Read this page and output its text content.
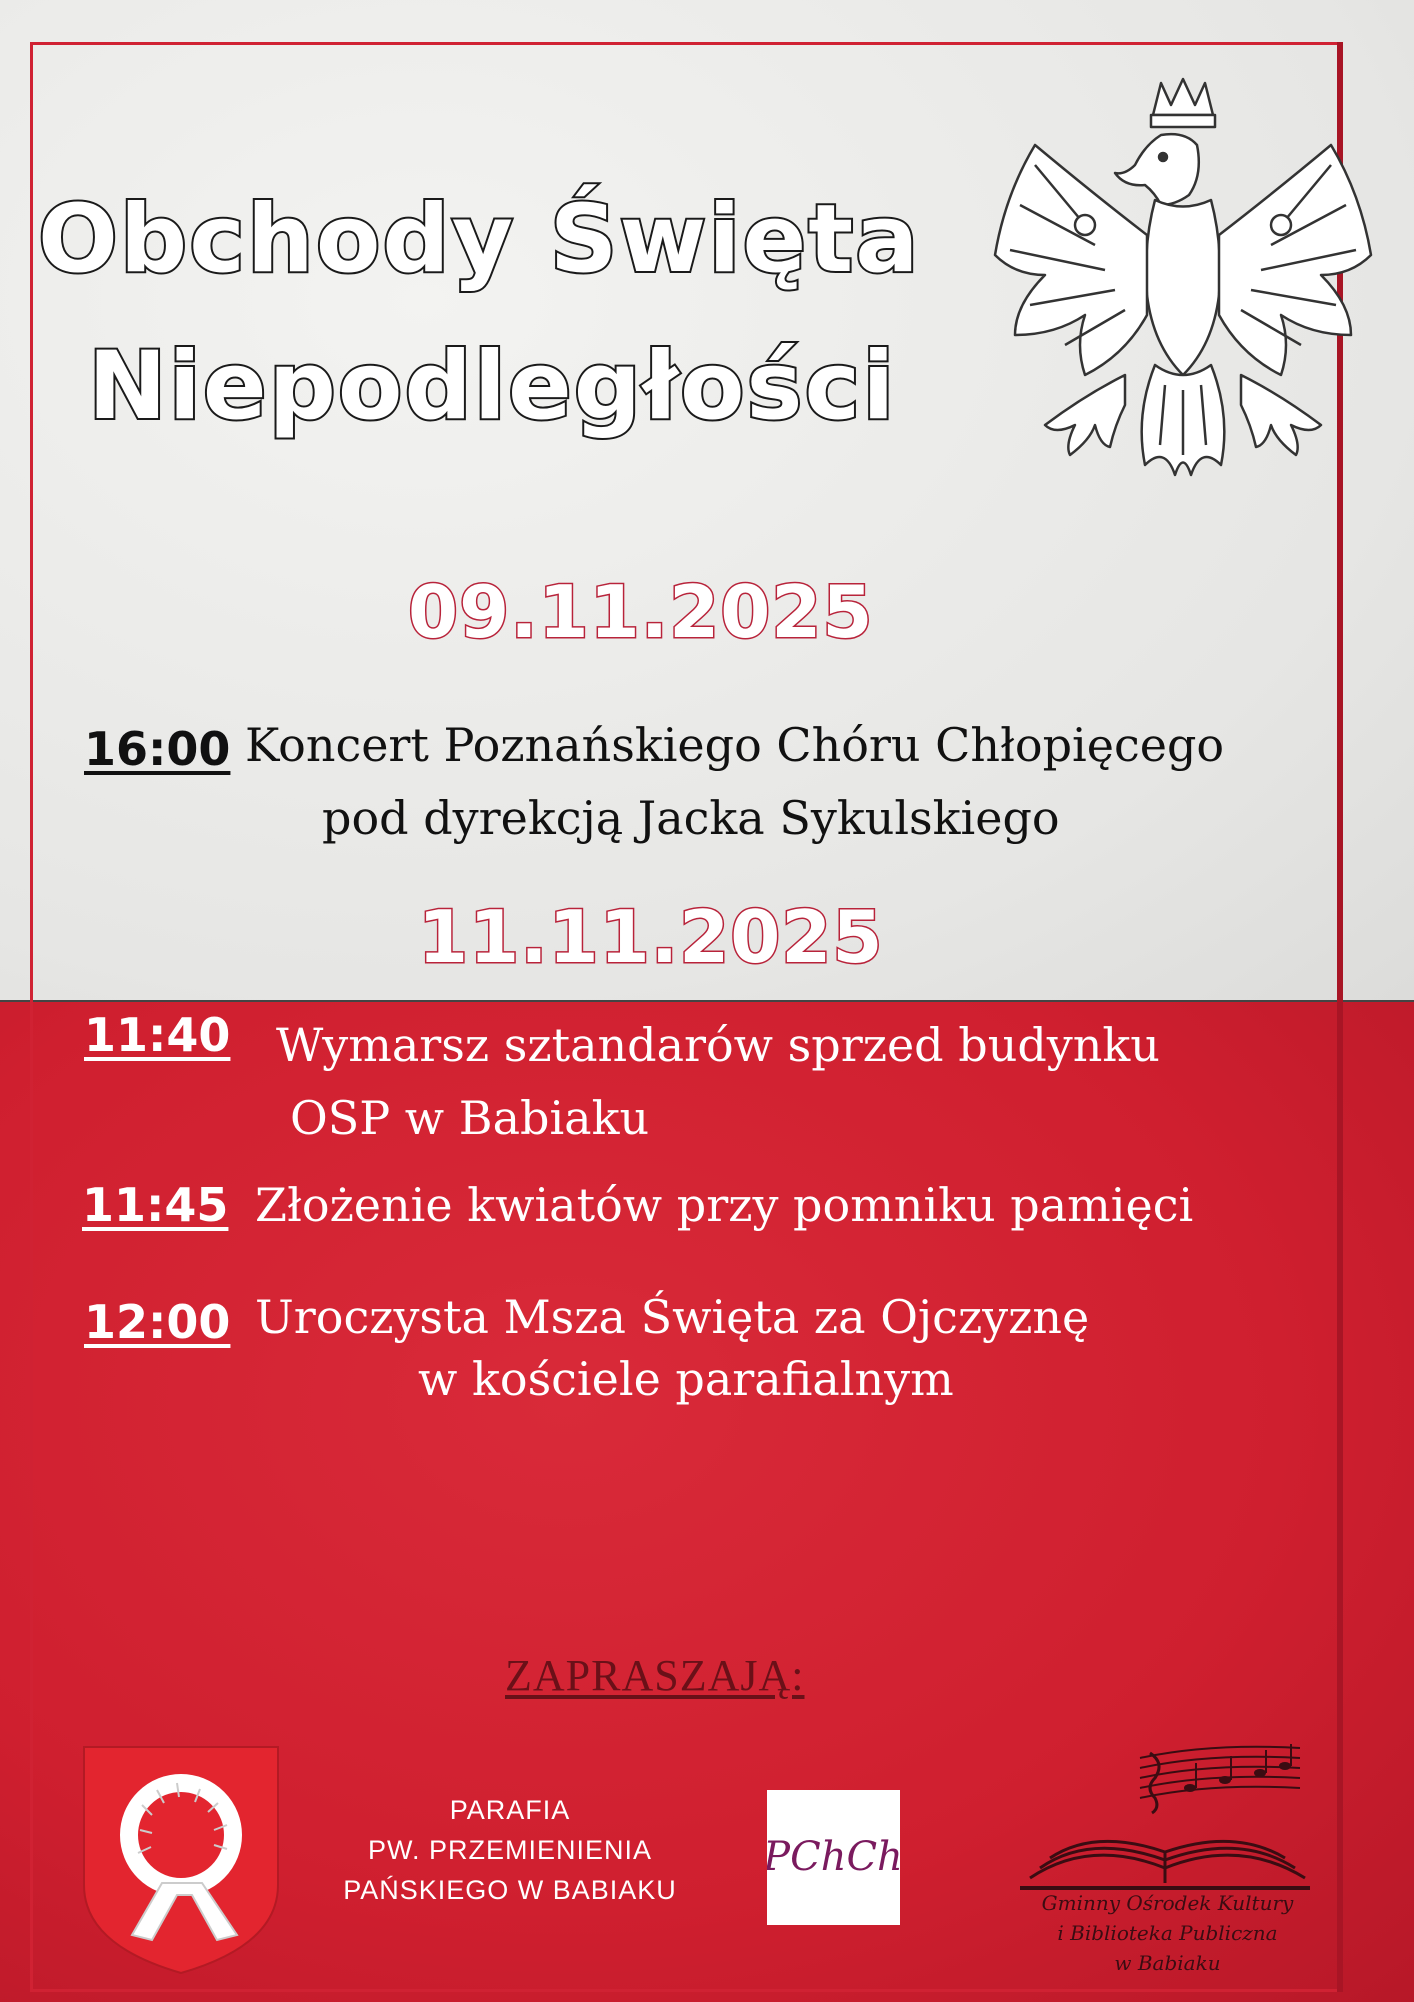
Obchody Święta
Niepodległości
09.11.2025
16:00 Koncert Poznańskiego Chóru Chłopięcego
pod dyrekcją Jacka Sykulskiego
11.11.2025
11:40 Wymarsz sztandarów sprzed budynku
OSP w Babiaku
11:45 Złożenie kwiatów przy pomniku pamięci
12:00 Uroczysta Msza Święta za Ojczyznę
w kościele parafialnym
ZAPRASZAJĄ:
PARAFIA
PW. PRZEMIENIENIA
PAŃSKIEGO W BABIAKU
PChCh
Gminny Ośrodek Kultury
i Biblioteka Publiczna
w Babiaku
